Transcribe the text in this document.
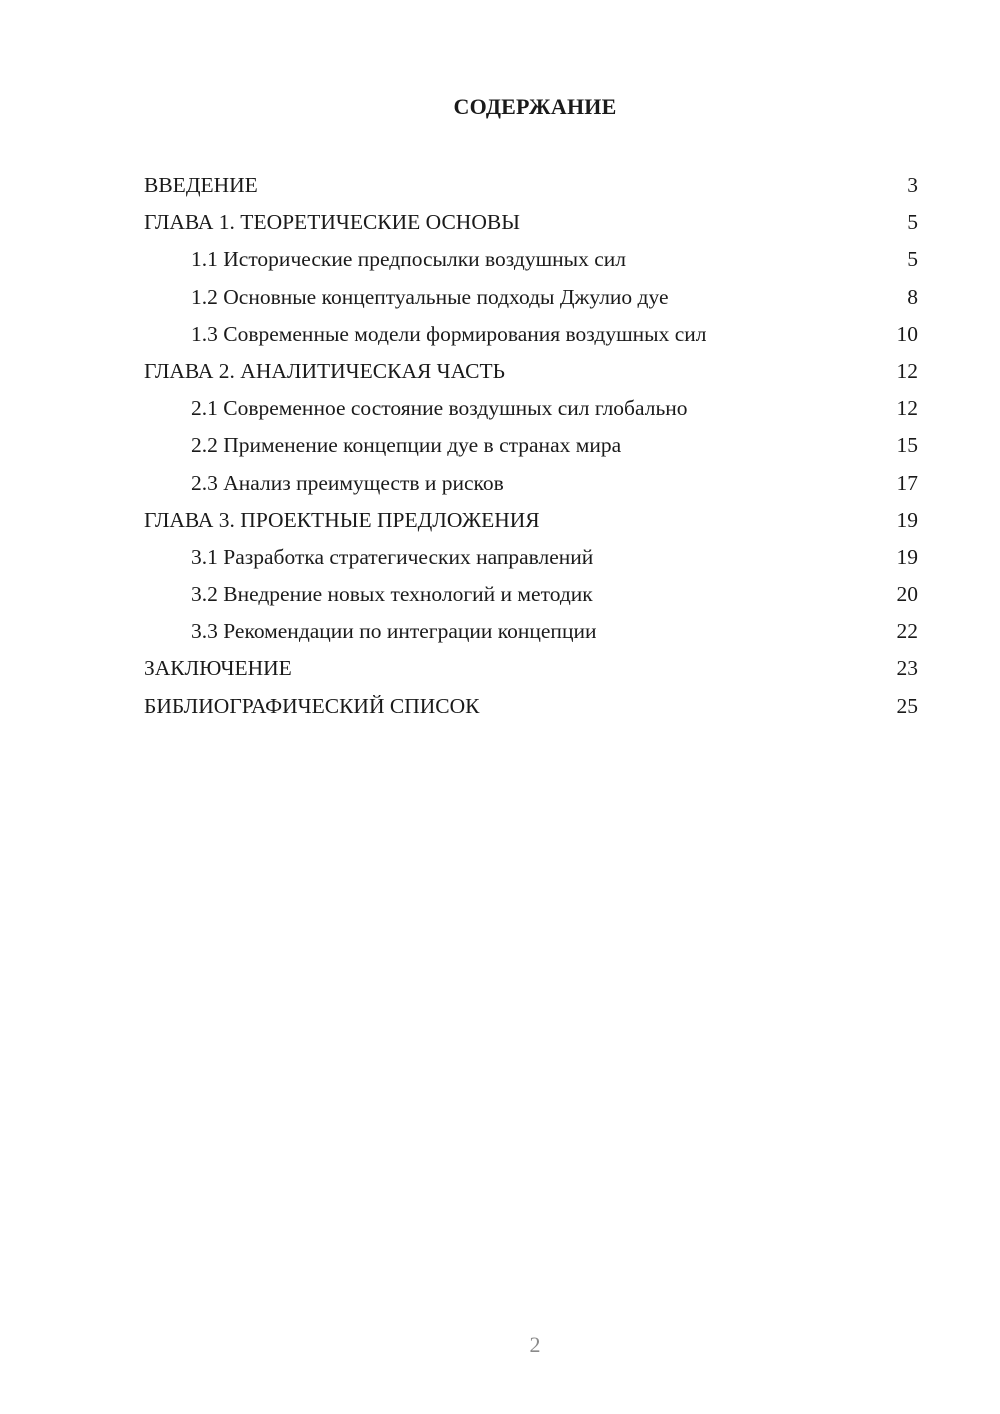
СОДЕРЖАНИЕ
ВВЕДЕНИЕ	3
ГЛАВА 1. ТЕОРЕТИЧЕСКИЕ ОСНОВЫ	5
1.1 Исторические предпосылки воздушных сил	5
1.2 Основные концептуальные подходы Джулио дуе	8
1.3 Современные модели формирования воздушных сил	10
ГЛАВА 2. АНАЛИТИЧЕСКАЯ ЧАСТЬ	12
2.1 Современное состояние воздушных сил глобально	12
2.2 Применение концепции дуе в странах мира	15
2.3 Анализ преимуществ и рисков	17
ГЛАВА 3. ПРОЕКТНЫЕ ПРЕДЛОЖЕНИЯ	19
3.1 Разработка стратегических направлений	19
3.2 Внедрение новых технологий и методик	20
3.3 Рекомендации по интеграции концепции	22
ЗАКЛЮЧЕНИЕ	23
БИБЛИОГРАФИЧЕСКИЙ СПИСОК	25
2
